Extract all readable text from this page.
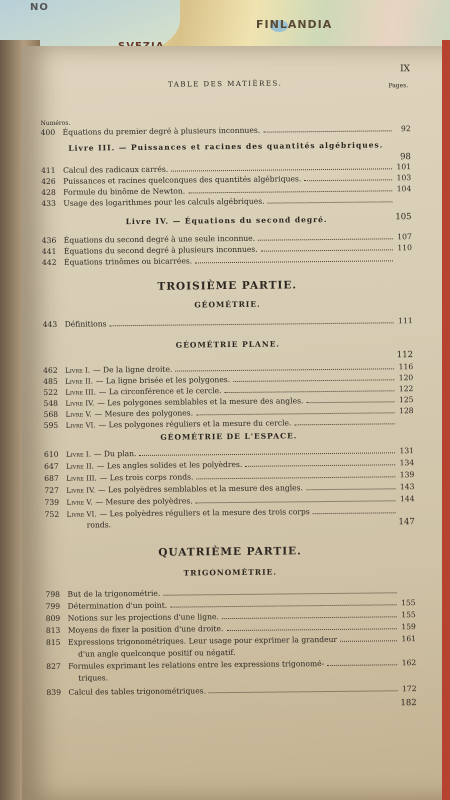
NO
FINLANDIA
TABLE DES MATIÈRES.
IX
Pages.
Numéros.
400 Équations du premier degré à plusieurs inconnues.	92
Livre III. — Puissances et racines des quantités algébriques.
98
411 Calcul des radicaux carrés.	101
426 Puissances et racines quelconques des quantités algébriques.	103
428 Formule du binôme de Newton.	104
433 Usage des logarithmes pour les calculs algébriques.
Livre IV. — Équations du second degré.	105
436 Équations du second degré à une seule inconnue.	107
441 Équations du second degré à plusieurs inconnues.	110
442 Équations trinômes ou bicarrées.
TROISIÈME PARTIE.
GÉOMÉTRIE.
443 Définitions	111
GÉOMÉTRIE PLANE.
112
462	Livre I. — De la ligne droite.	116
485	Livre II. — La ligne brisée et les polygones.	120
522	Livre III. — La circonférence et le cercle.	122
548	Livre IV. — Les polygones semblables et la mesure des angles.	125
568	Livre V. — Mesure des polygones.	128
595	Livre VI. — Les polygones réguliers et la mesure du cercle.
GÉOMÉTRIE DE L'ESPACE.
610	Livre I. — Du plan.	131
647	Livre II. — Les angles solides et les polyèdres.	134
687	Livre III. — Les trois corps ronds.	139
727	Livre IV. — Les polyèdres semblables et la mesure des angles.	143
739	Livre V. — Mesure des polyèdres.	144
752	Livre VI. — Les polyèdres réguliers et la mesure des trois corps
ronds.	147
QUATRIÈME PARTIE.
TRIGONOMÉTRIE.
798 But de la trigonométrie.
799 Détermination d'un point.	155
809 Notions sur les projections d'une ligne.	155
813 Moyens de fixer la position d'une droite.	159
815 Expressions trigonométriques. Leur usage pour exprimer la grandeur	161
d'un angle quelconque positif ou négatif.
827 Formules exprimant les relations entre les expressions trigonomé-	162
triques.
839 Calcul des tables trigonométriques.	172
182
